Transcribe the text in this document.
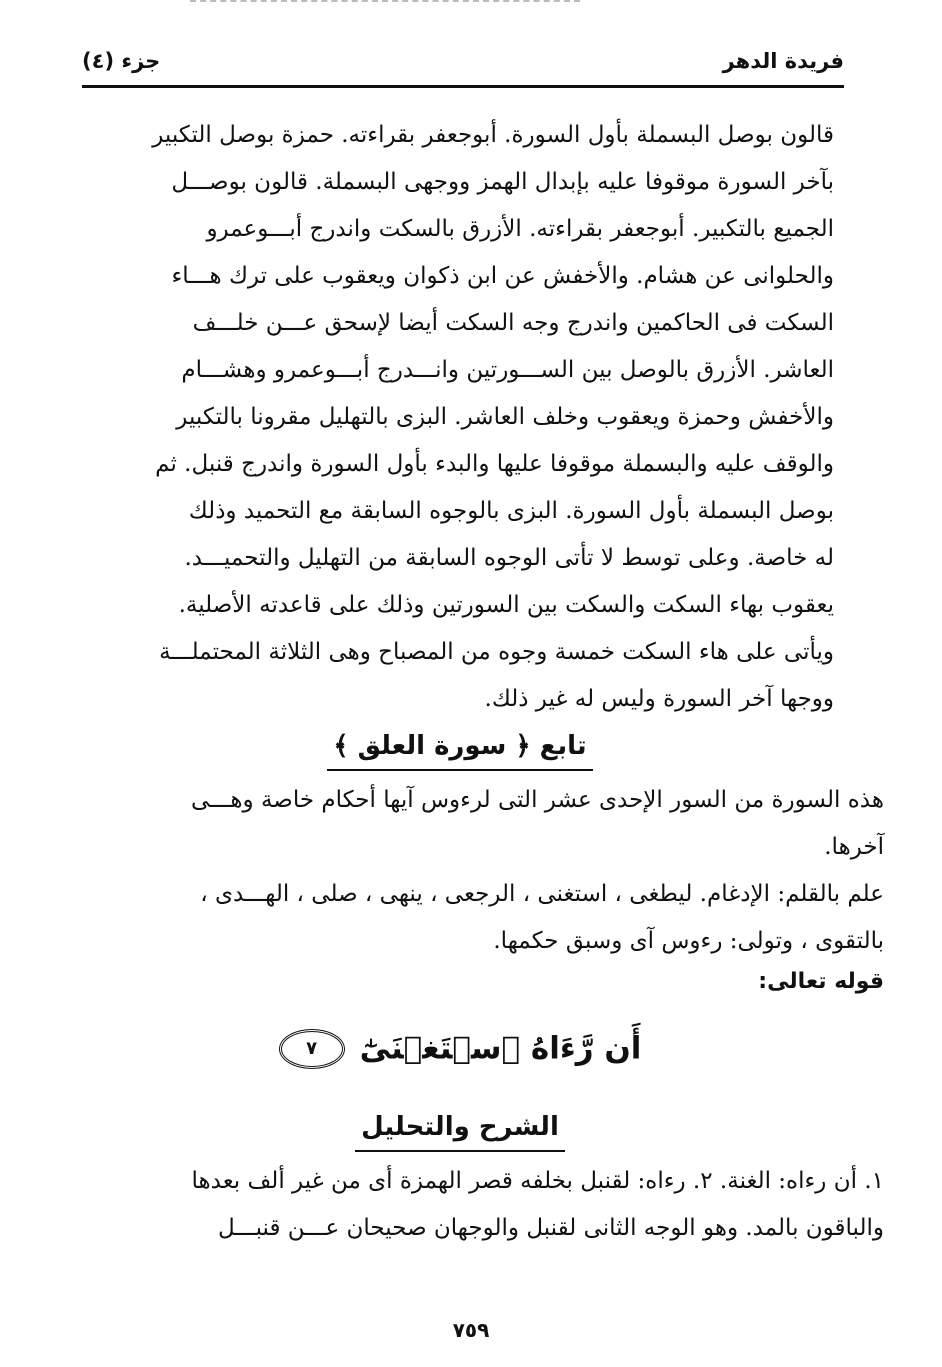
فريدة الدهر
جزء (٤)

قالون بوصل البسملة بأول السورة. أبوجعفر بقراءته. حمزة بوصل التكبير

بآخر السورة موقوفا عليه بإبدال الهمز ووجهى البسملة. قالون بوصـــل

الجميع بالتكبير. أبوجعفر بقراءته. الأزرق بالسكت واندرج أبـــوعمرو

والحلوانى عن هشام. والأخفش عن ابن ذكوان ويعقوب على ترك هـــاء

السكت فى الحاكمين واندرج وجه السكت أيضا لإسحق عـــن خلـــف

العاشر. الأزرق بالوصل بين الســـورتين وانـــدرج أبـــوعمرو وهشـــام

والأخفش وحمزة ويعقوب وخلف العاشر. البزى بالتهليل مقرونا بالتكبير

والوقف عليه والبسملة موقوفا عليها والبدء بأول السورة واندرج قنبل. ثم

بوصل البسملة بأول السورة. البزى بالوجوه السابقة مع التحميد وذلك

له خاصة. وعلى توسط لا تأتى الوجوه السابقة من التهليل والتحميـــد.

يعقوب بهاء السكت والسكت بين السورتين وذلك على قاعدته الأصلية.

ويأتى على هاء السكت خمسة وجوه من المصباح وهى الثلاثة المحتملـــة

ووجها آخر السورة وليس له غير ذلك.

تابع ﴿ سورة العلق ﴾

هذه السورة من السور الإحدى عشر التى لرءوس آيها أحكام خاصة وهـــى

آخرها.

علم بالقلم: الإدغام. ليطغى ، استغنى ، الرجعى ، ينهى ، صلى ، الهـــدى ،

بالتقوى ، وتولى: رءوس آى وسبق حكمها.

قوله تعالى:

أَن رَّءَاهُ ٱسۡتَغۡنَىٰٓ ٧
الشرح والتحليل

١. أن رءاه: الغنة. ٢. رءاه: لقنبل بخلفه قصر الهمزة أى من غير ألف بعدها

والباقون بالمد. وهو الوجه الثانى لقنبل والوجهان صحيحان عـــن قنبـــل

٧٥٩
